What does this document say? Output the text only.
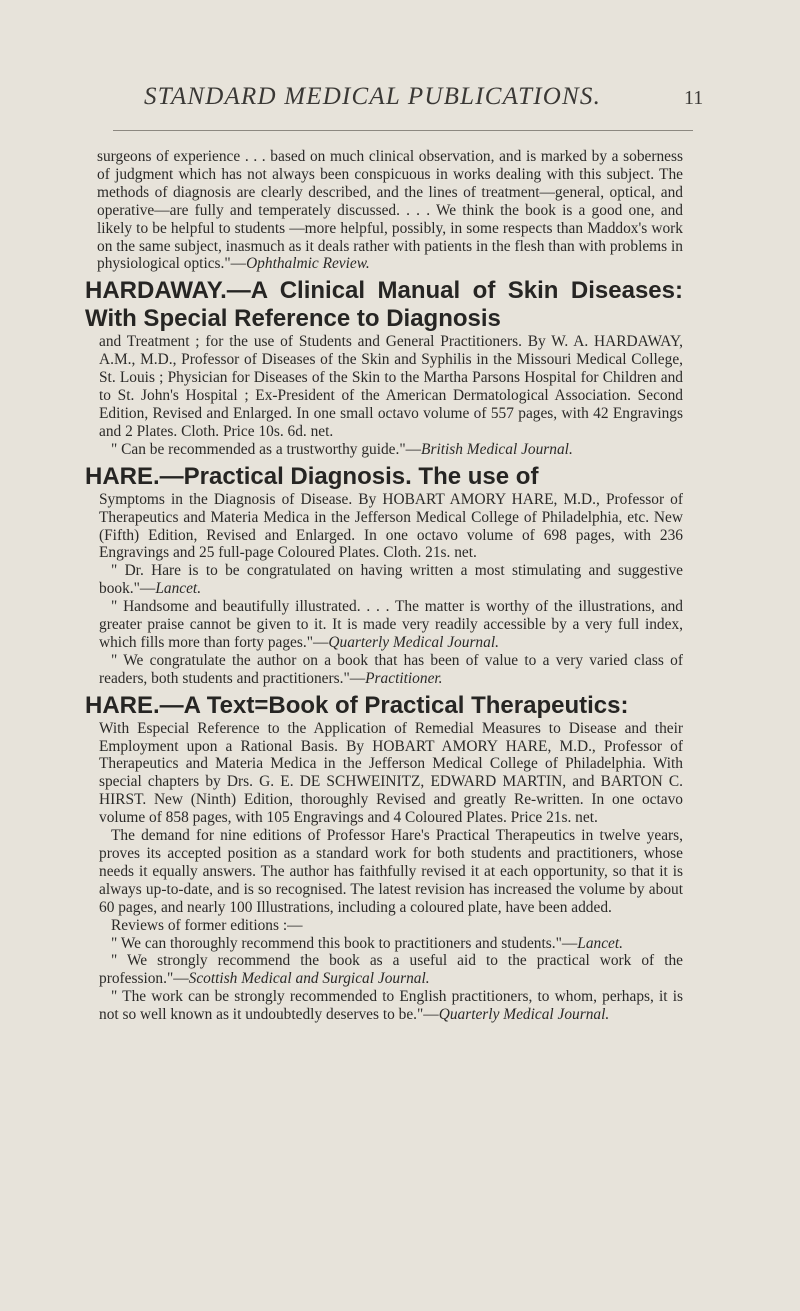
STANDARD MEDICAL PUBLICATIONS.	11

surgeons of experience . . . based on much clinical observation, and is marked by a soberness of judgment which has not always been conspicuous in works dealing with this subject. The methods of diagnosis are clearly described, and the lines of treatment—general, optical, and operative—are fully and temperately discussed. . . . We think the book is a good one, and likely to be helpful to students —more helpful, possibly, in some respects than Maddox's work on the same subject, inasmuch as it deals rather with patients in the flesh than with problems in physiological optics."—Ophthalmic Review.

HARDAWAY.—A Clinical Manual of Skin Diseases: With Special Reference to Diagnosis

and Treatment ; for the use of Students and General Practitioners. By W. A. HARDAWAY, A.M., M.D., Professor of Diseases of the Skin and Syphilis in the Missouri Medical College, St. Louis ; Physician for Diseases of the Skin to the Martha Parsons Hospital for Children and to St. John's Hospital ; Ex-President of the American Dermatological Association. Second Edition, Revised and Enlarged. In one small octavo volume of 557 pages, with 42 Engravings and 2 Plates. Cloth. Price 10s. 6d. net.

" Can be recommended as a trustworthy guide."—British Medical Journal.

HARE.—Practical Diagnosis. The use of

Symptoms in the Diagnosis of Disease. By HOBART AMORY HARE, M.D., Professor of Therapeutics and Materia Medica in the Jefferson Medical College of Philadelphia, etc. New (Fifth) Edition, Revised and Enlarged. In one octavo volume of 698 pages, with 236 Engravings and 25 full-page Coloured Plates. Cloth. 21s. net.

" Dr. Hare is to be congratulated on having written a most stimulating and suggestive book."—Lancet.

" Handsome and beautifully illustrated. . . . The matter is worthy of the illustrations, and greater praise cannot be given to it. It is made very readily accessible by a very full index, which fills more than forty pages."—Quarterly Medical Journal.

" We congratulate the author on a book that has been of value to a very varied class of readers, both students and practitioners."—Practitioner.

HARE.—A Text=Book of Practical Therapeutics:

With Especial Reference to the Application of Remedial Measures to Disease and their Employment upon a Rational Basis. By HOBART AMORY HARE, M.D., Professor of Therapeutics and Materia Medica in the Jefferson Medical College of Philadelphia. With special chapters by Drs. G. E. DE SCHWEINITZ, EDWARD MARTIN, and BARTON C. HIRST. New (Ninth) Edition, thoroughly Revised and greatly Re-written. In one octavo volume of 858 pages, with 105 Engravings and 4 Coloured Plates. Price 21s. net.

The demand for nine editions of Professor Hare's Practical Therapeutics in twelve years, proves its accepted position as a standard work for both students and practitioners, whose needs it equally answers. The author has faithfully revised it at each opportunity, so that it is always up-to-date, and is so recognised. The latest revision has increased the volume by about 60 pages, and nearly 100 Illustrations, including a coloured plate, have been added.

Reviews of former editions :—

" We can thoroughly recommend this book to practitioners and students."—Lancet.

" We strongly recommend the book as a useful aid to the practical work of the profession."—Scottish Medical and Surgical Journal.

" The work can be strongly recommended to English practitioners, to whom, perhaps, it is not so well known as it undoubtedly deserves to be."—Quarterly Medical Journal.
